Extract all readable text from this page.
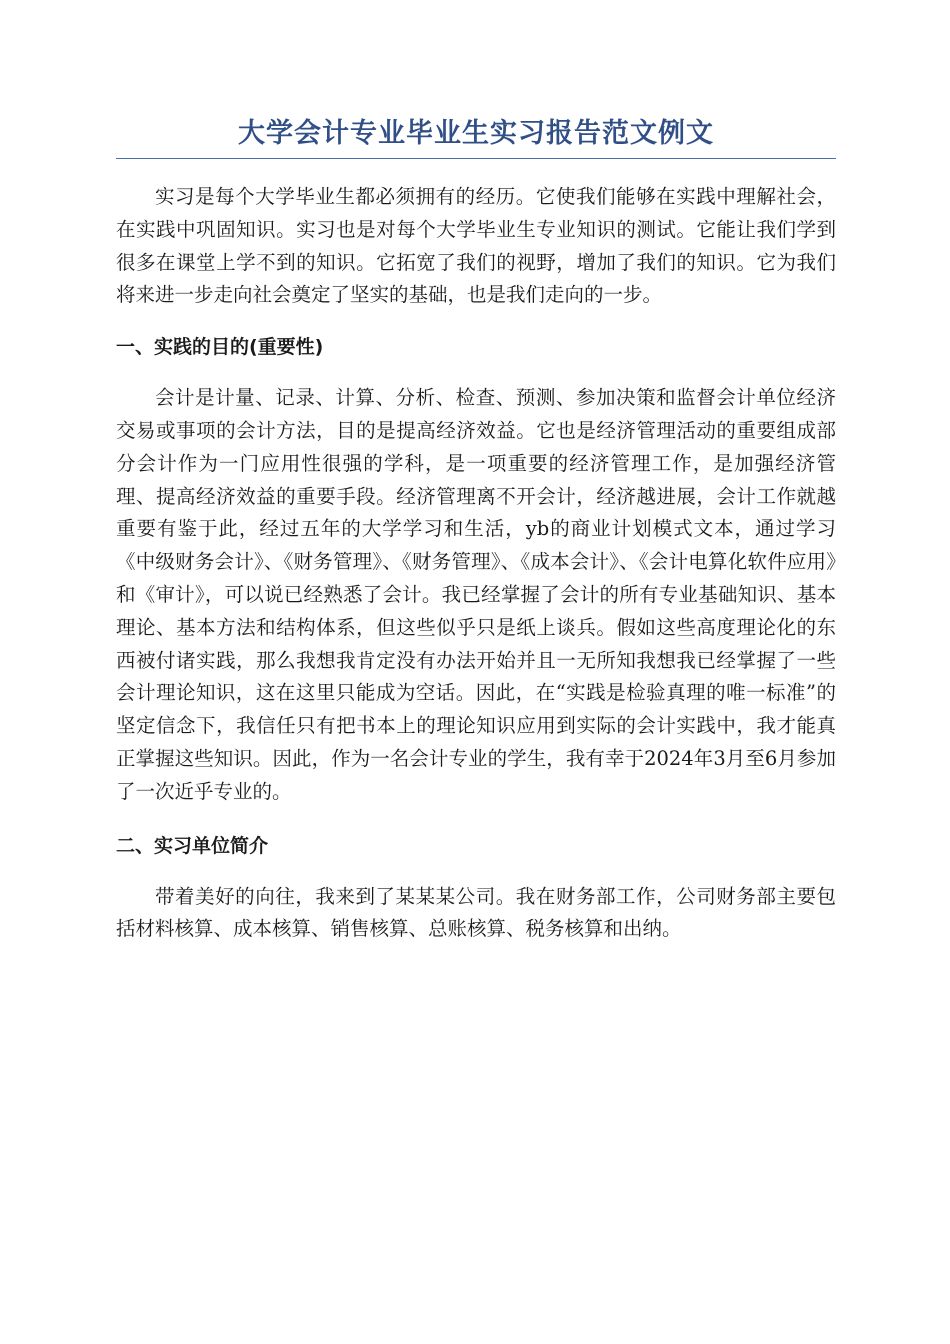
大学会计专业毕业生实习报告范文例文

实习是每个大学毕业生都必须拥有的经历。它使我们能够在实践中理解社会，在实践中巩固知识。实习也是对每个大学毕业生专业知识的测试。它能让我们学到很多在课堂上学不到的知识。它拓宽了我们的视野，增加了我们的知识。它为我们将来进一步走向社会奠定了坚实的基础，也是我们走向的一步。

一、实践的目的(重要性)

会计是计量、记录、计算、分析、检查、预测、参加决策和监督会计单位经济交易或事项的会计方法，目的是提高经济效益。它也是经济管理活动的重要组成部分会计作为一门应用性很强的学科，是一项重要的经济管理工作，是加强经济管理、提高经济效益的重要手段。经济管理离不开会计，经济越进展，会计工作就越重要有鉴于此，经过五年的大学学习和生活，yb的商业计划模式文本，通过学习《中级财务会计》、《财务管理》、《财务管理》、《成本会计》、《会计电算化软件应用》和《审计》，可以说已经熟悉了会计。我已经掌握了会计的所有专业基础知识、基本理论、基本方法和结构体系，但这些似乎只是纸上谈兵。假如这些高度理论化的东西被付诸实践，那么我想我肯定没有办法开始并且一无所知我想我已经掌握了一些会计理论知识，这在这里只能成为空话。因此，在“实践是检验真理的唯一标准”的坚定信念下，我信任只有把书本上的理论知识应用到实际的会计实践中，我才能真正掌握这些知识。因此，作为一名会计专业的学生，我有幸于2024年3月至6月参加了一次近乎专业的。

二、实习单位简介

带着美好的向往，我来到了某某某公司。我在财务部工作，公司财务部主要包括材料核算、成本核算、销售核算、总账核算、税务核算和出纳。
